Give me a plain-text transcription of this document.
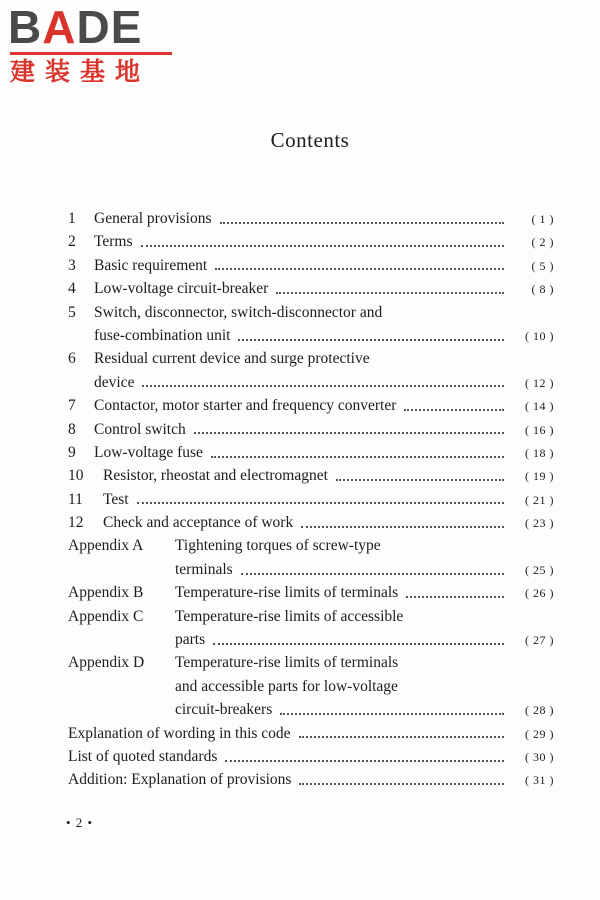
BADE
建装基地
Contents
1	General provisions	( 1 )
2	Terms	( 2 )
3	Basic requirement	( 5 )
4	Low-voltage circuit-breaker	( 8 )
5	Switch, disconnector, switch-disconnector and
fuse-combination unit	( 10 )
6	Residual current device and surge protective
device	( 12 )
7	Contactor, motor starter and frequency converter	( 14 )
8	Control switch	( 16 )
9	Low-voltage fuse	( 18 )
10	Resistor, rheostat and electromagnet	( 19 )
11	Test	( 21 )
12	Check and acceptance of work	( 23 )
Appendix A	Tightening torques of screw-type
terminals	( 25 )
Appendix B	Temperature-rise limits of terminals	( 26 )
Appendix C	Temperature-rise limits of accessible
parts	( 27 )
Appendix D	Temperature-rise limits of terminals
and accessible parts for low-voltage
circuit-breakers	( 28 )
Explanation of wording in this code	( 29 )
List of quoted standards	( 30 )
Addition: Explanation of provisions	( 31 )
• 2 •
